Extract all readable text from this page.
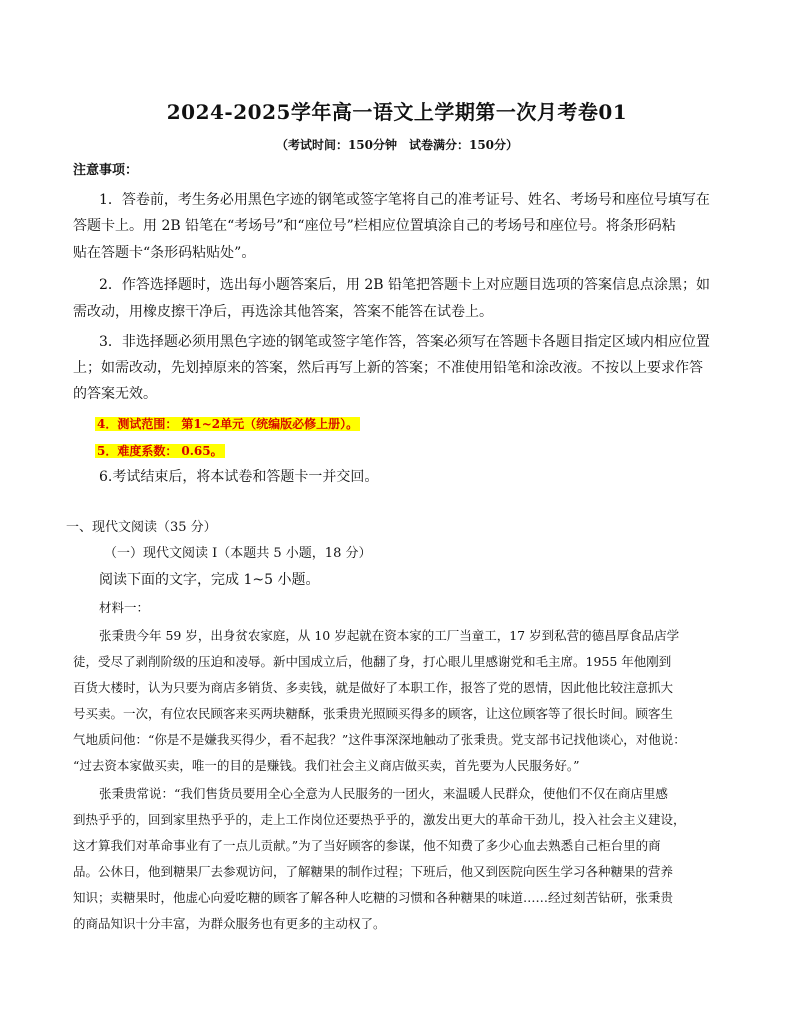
2024-2025学年高一语文上学期第一次月考卷01
（考试时间：150分钟　试卷满分：150分）
注意事项：
1．答卷前，考生务必用黑色字迹的钢笔或签字笔将自己的准考证号、姓名、考场号和座位号填写在
答题卡上。用 2B 铅笔在“考场号”和“座位号”栏相应位置填涂自己的考场号和座位号。将条形码粘
贴在答题卡“条形码粘贴处”。
2．作答选择题时，选出每小题答案后，用 2B 铅笔把答题卡上对应题目选项的答案信息点涂黑；如
需改动，用橡皮擦干净后，再选涂其他答案，答案不能答在试卷上。
3．非选择题必须用黑色字迹的钢笔或签字笔作答，答案必须写在答题卡各题目指定区域内相应位置
上；如需改动，先划掉原来的答案，然后再写上新的答案；不准使用铅笔和涂改液。不按以上要求作答
的答案无效。
4．测试范围： 第1~2单元（统编版必修上册）。
5．难度系数： 0.65。
6.考试结束后，将本试卷和答题卡一并交回。
一、现代文阅读（35 分）
（一）现代文阅读 I（本题共 5 小题，18 分）
阅读下面的文字，完成 1~5 小题。
材料一：
张秉贵今年 59 岁，出身贫农家庭，从 10 岁起就在资本家的工厂当童工，17 岁到私营的德昌厚食品店学
徒，受尽了剥削阶级的压迫和凌辱。新中国成立后，他翻了身，打心眼儿里感谢党和毛主席。1955 年他刚到
百货大楼时，认为只要为商店多销货、多卖钱，就是做好了本职工作，报答了党的恩情，因此他比较注意抓大
号买卖。一次，有位农民顾客来买两块糖酥，张秉贵光照顾买得多的顾客，让这位顾客等了很长时间。顾客生
气地质问他：“你是不是嫌我买得少，看不起我？”这件事深深地触动了张秉贵。党支部书记找他谈心，对他说：
“过去资本家做买卖，唯一的目的是赚钱。我们社会主义商店做买卖，首先要为人民服务好。”
张秉贵常说：“我们售货员要用全心全意为人民服务的一团火，来温暖人民群众，使他们不仅在商店里感
到热乎乎的，回到家里热乎乎的，走上工作岗位还要热乎乎的，激发出更大的革命干劲儿，投入社会主义建设，
这才算我们对革命事业有了一点儿贡献。”为了当好顾客的参谋，他不知费了多少心血去熟悉自己柜台里的商
品。公休日，他到糖果厂去参观访问，了解糖果的制作过程；下班后，他又到医院向医生学习各种糖果的营养
知识；卖糖果时，他虚心向爱吃糖的顾客了解各种人吃糖的习惯和各种糖果的味道……经过刻苦钻研，张秉贵
的商品知识十分丰富，为群众服务也有更多的主动权了。
